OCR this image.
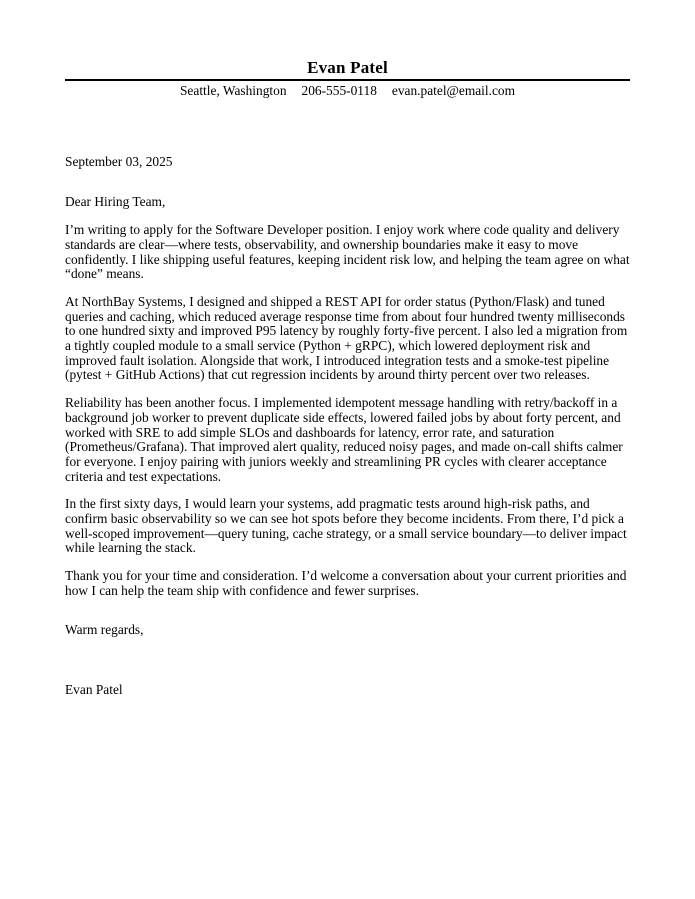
Evan Patel
Seattle, Washington 206-555-0118 evan.patel@email.com

September 03, 2025

Dear Hiring Team,

I’m writing to apply for the Software Developer position. I enjoy work where code quality and delivery standards are clear—where tests, observability, and ownership boundaries make it easy to move confidently. I like shipping useful features, keeping incident risk low, and helping the team agree on what “done” means.

At NorthBay Systems, I designed and shipped a REST API for order status (Python/Flask) and tuned queries and caching, which reduced average response time from about four hundred twenty milliseconds to one hundred sixty and improved P95 latency by roughly forty-five percent. I also led a migration from a tightly coupled module to a small service (Python + gRPC), which lowered deployment risk and improved fault isolation. Alongside that work, I introduced integration tests and a smoke-test pipeline (pytest + GitHub Actions) that cut regression incidents by around thirty percent over two releases.

Reliability has been another focus. I implemented idempotent message handling with retry/backoff in a background job worker to prevent duplicate side effects, lowered failed jobs by about forty percent, and worked with SRE to add simple SLOs and dashboards for latency, error rate, and saturation (Prometheus/Grafana). That improved alert quality, reduced noisy pages, and made on-call shifts calmer for everyone. I enjoy pairing with juniors weekly and streamlining PR cycles with clearer acceptance criteria and test expectations.

In the first sixty days, I would learn your systems, add pragmatic tests around high-risk paths, and confirm basic observability so we can see hot spots before they become incidents. From there, I’d pick a well-scoped improvement—query tuning, cache strategy, or a small service boundary—to deliver impact while learning the stack.

Thank you for your time and consideration. I’d welcome a conversation about your current priorities and how I can help the team ship with confidence and fewer surprises.

Warm regards,

Evan Patel
